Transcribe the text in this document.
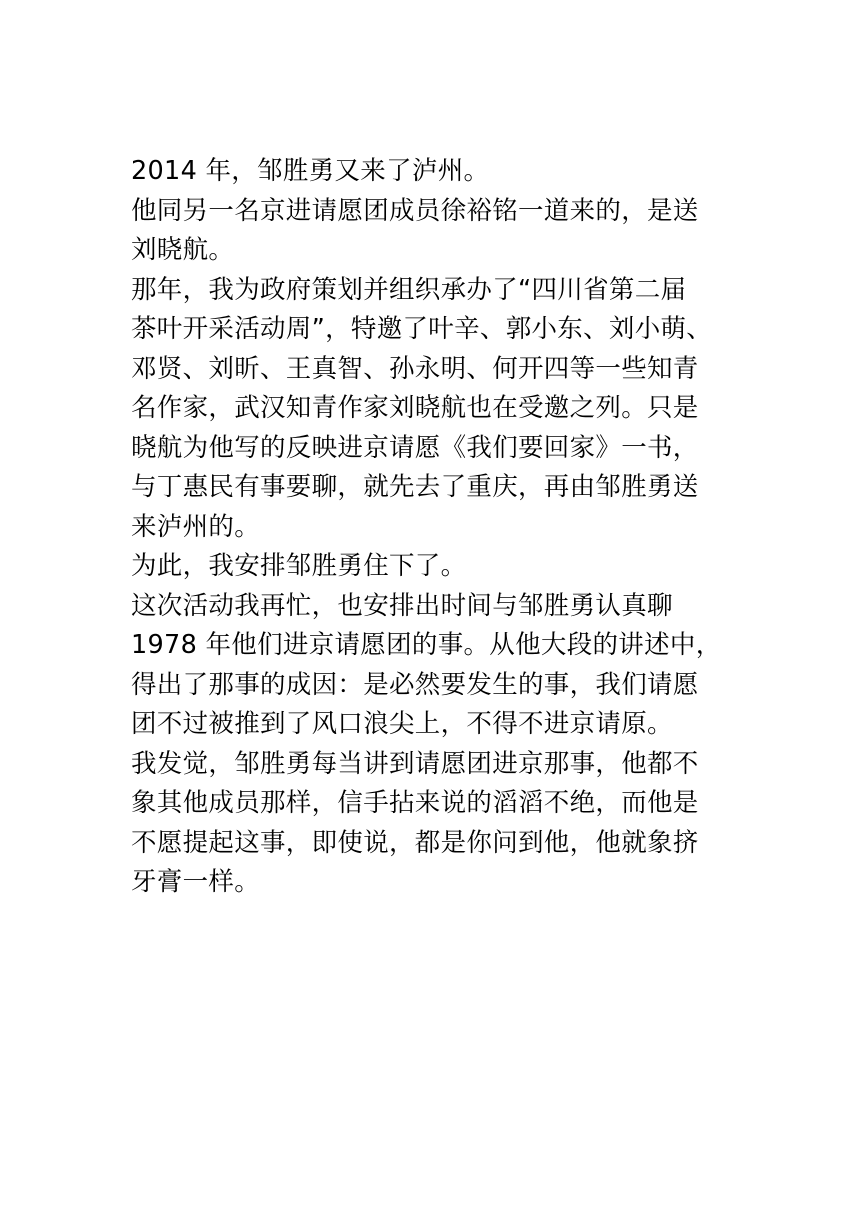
2014 年，邹胜勇又来了泸州。
他同另一名京进请愿团成员徐裕铭一道来的，是送
刘晓航。
那年，我为政府策划并组织承办了“四川省第二届
茶叶开采活动周”，特邀了叶辛、郭小东、刘小萌、
邓贤、刘昕、王真智、孙永明、何开四等一些知青
名作家，武汉知青作家刘晓航也在受邀之列。只是
晓航为他写的反映进京请愿《我们要回家》一书，
与丁惠民有事要聊，就先去了重庆，再由邹胜勇送
来泸州的。
为此，我安排邹胜勇住下了。
这次活动我再忙，也安排出时间与邹胜勇认真聊
1978 年他们进京请愿团的事。从他大段的讲述中，
得出了那事的成因：是必然要发生的事，我们请愿
团不过被推到了风口浪尖上，不得不进京请原。
我发觉，邹胜勇每当讲到请愿团进京那事，他都不
象其他成员那样，信手拈来说的滔滔不绝，而他是
不愿提起这事，即使说，都是你问到他，他就象挤
牙膏一样。
